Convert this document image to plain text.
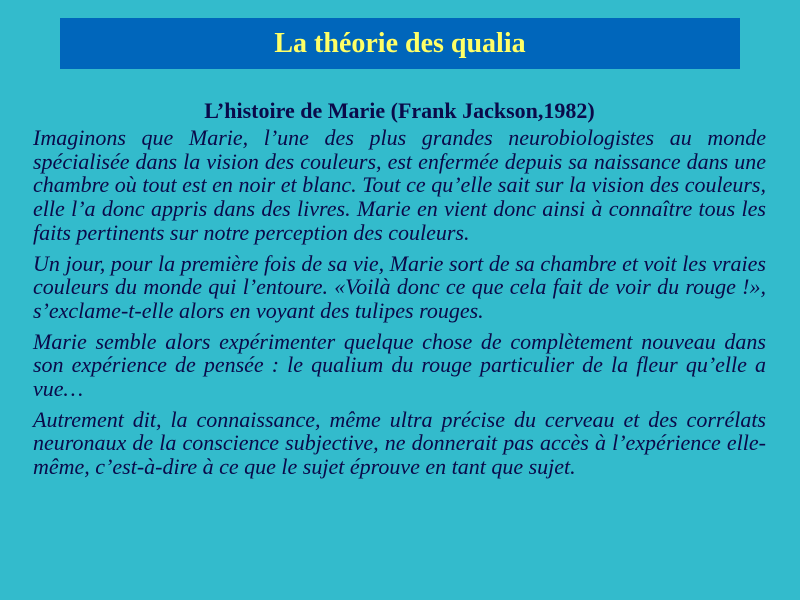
La théorie des qualia
L’histoire de Marie (Frank Jackson,1982)

Imaginons que Marie, l’une des plus grandes neurobiologistes au monde spécialisée dans la vision des couleurs, est enfermée depuis sa naissance dans une chambre où tout est en noir et blanc. Tout ce qu’elle sait sur la vision des couleurs, elle l’a donc appris dans des livres. Marie en vient donc ainsi à connaître tous les faits pertinents sur notre perception des couleurs.

Un jour, pour la première fois de sa vie, Marie sort de sa chambre et voit les vraies couleurs du monde qui l’entoure. «Voilà donc ce que cela fait de voir du rouge !», s’exclame-t-elle alors en voyant des tulipes rouges.

Marie semble alors expérimenter quelque chose de complètement nouveau dans son expérience de pensée : le qualium du rouge particulier de la fleur qu’elle a vue…

Autrement dit, la connaissance, même ultra précise du cerveau et des corrélats neuronaux de la conscience subjective, ne donnerait pas accès à l’expérience elle-même, c’est-à-dire à ce que le sujet éprouve en tant que sujet.
